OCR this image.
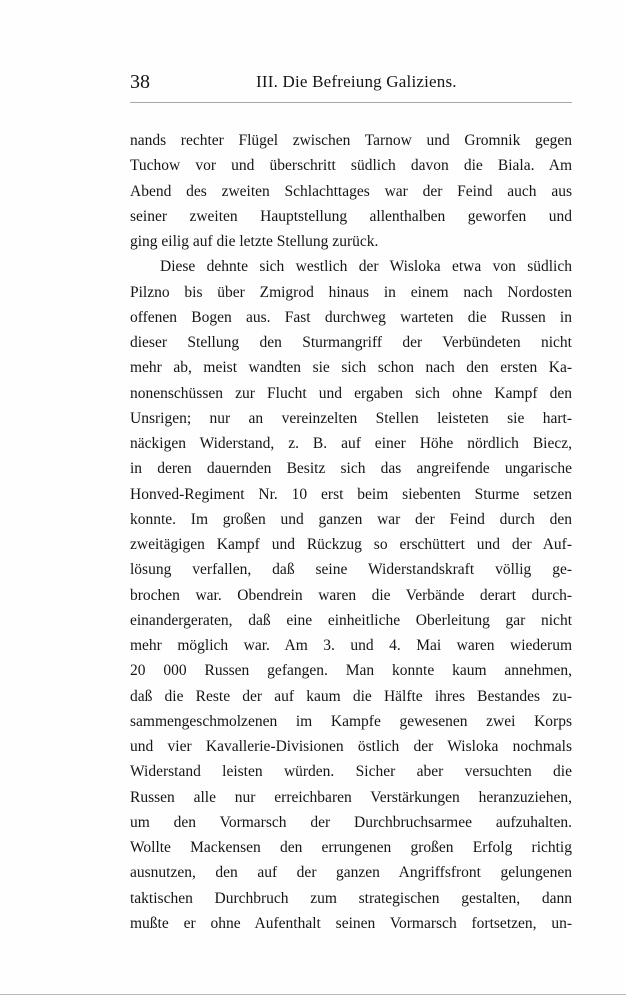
38	III. Die Befreiung Galiziens.
nands rechter Flügel zwischen Tarnow und Gromnik gegen
Tuchow vor und überschritt südlich davon die Biala. Am
Abend des zweiten Schlachttages war der Feind auch aus
seiner zweiten Hauptstellung allenthalben geworfen und
ging eilig auf die letzte Stellung zurück.
Diese dehnte sich westlich der Wisloka etwa von südlich
Pilzno bis über Zmigrod hinaus in einem nach Nordosten
offenen Bogen aus. Fast durchweg warteten die Russen in
dieser Stellung den Sturmangriff der Verbündeten nicht
mehr ab, meist wandten sie sich schon nach den ersten Ka-
nonenschüssen zur Flucht und ergaben sich ohne Kampf den
Unsrigen; nur an vereinzelten Stellen leisteten sie hart-
näckigen Widerstand, z. B. auf einer Höhe nördlich Biecz,
in deren dauernden Besitz sich das angreifende ungarische
Honved-Regiment Nr. 10 erst beim siebenten Sturme setzen
konnte. Im großen und ganzen war der Feind durch den
zweitägigen Kampf und Rückzug so erschüttert und der Auf-
lösung verfallen, daß seine Widerstandskraft völlig ge-
brochen war. Obendrein waren die Verbände derart durch-
einandergeraten, daß eine einheitliche Oberleitung gar nicht
mehr möglich war. Am 3. und 4. Mai waren wiederum
20 000 Russen gefangen. Man konnte kaum annehmen,
daß die Reste der auf kaum die Hälfte ihres Bestandes zu-
sammengeschmolzenen im Kampfe gewesenen zwei Korps
und vier Kavallerie-Divisionen östlich der Wisloka nochmals
Widerstand leisten würden. Sicher aber versuchten die
Russen alle nur erreichbaren Verstärkungen heranzuziehen,
um den Vormarsch der Durchbruchsarmee aufzuhalten.
Wollte Mackensen den errungenen großen Erfolg richtig
ausnutzen, den auf der ganzen Angriffsfront gelungenen
taktischen Durchbruch zum strategischen gestalten, dann
mußte er ohne Aufenthalt seinen Vormarsch fortsetzen, un-
